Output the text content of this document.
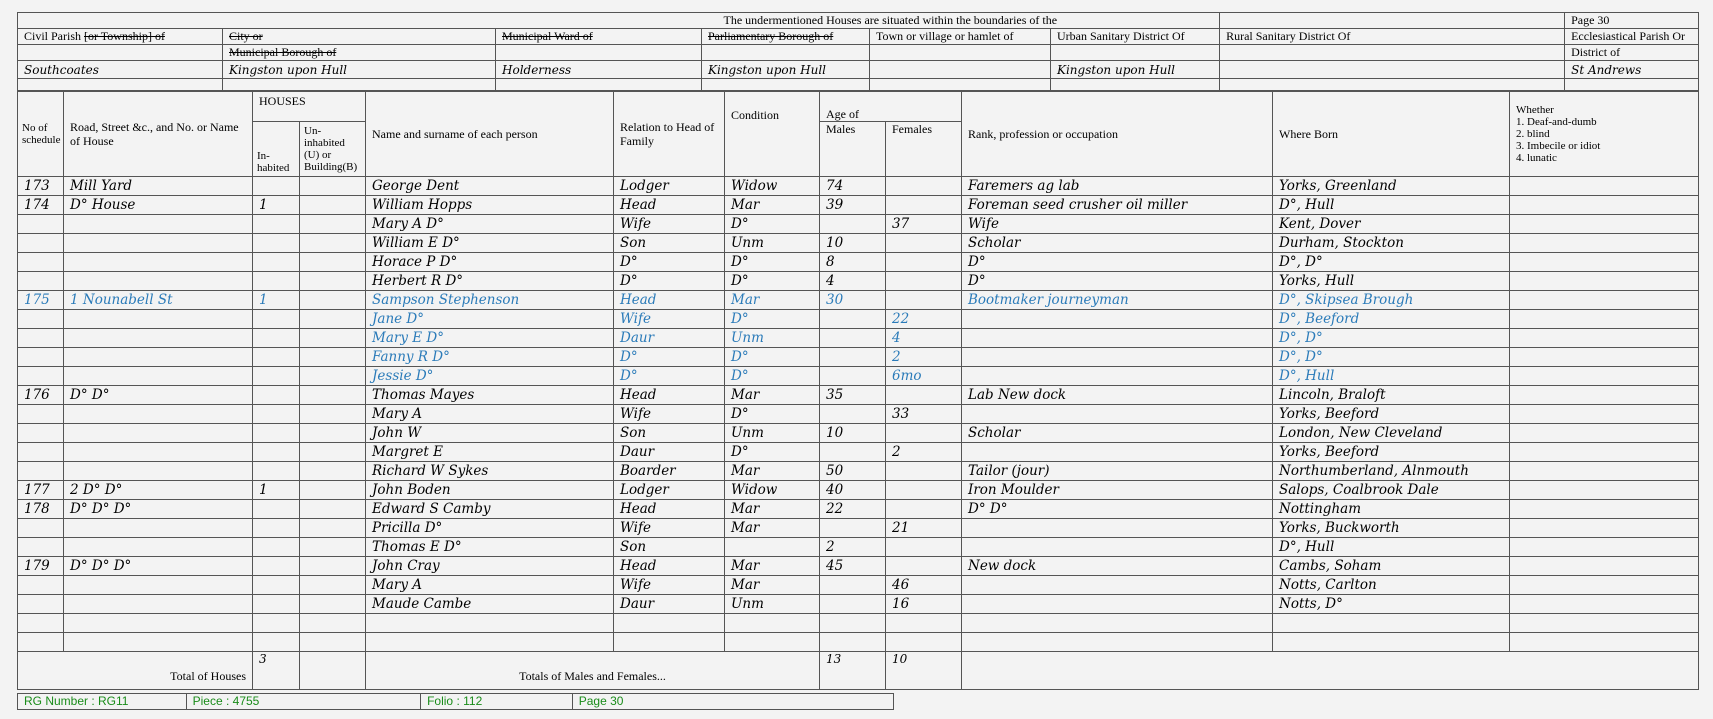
The undermentioned Houses are situated within the boundaries of the							Page 30
Civil Parish [or Township] of	City or	Municipal Ward of	Parliamentary Borough of	Town or village or hamlet of	Urban Sanitary District Of	Rural Sanitary District Of	Ecclesiastical Parish Or
	Municipal Borough of						District of
Southcoates	Kingston upon Hull	Holderness	Kingston upon Hull		Kingston upon Hull		St Andrews

No of schedule	Road, Street &c., and No. or Name of House	HOUSES		Name and surname of each person	Relation to Head of Family	Condition	Age of		Rank, profession or occupation	Where Born	Whether
1. Deaf-and-dumb
2. blind
3. Imbecile or idiot
4. lunatic

		In- habited	Un- inhabited (U) or Building(B)				Males	Females			
173	Mill Yard			George Dent	Lodger	Widow	74		Faremers ag lab	Yorks, Greenland	
174	D° House	1		William Hopps	Head	Mar	39		Foreman seed crusher oil miller	D°, Hull	
				Mary A D°	Wife	D°		37	Wife	Kent, Dover	
				William E D°	Son	Unm	10		Scholar	Durham, Stockton	
				Horace P D°	D°	D°	8		D°	D°, D°	
				Herbert R D°	D°	D°	4		D°	Yorks, Hull	
175	1 Nounabell St	1		Sampson Stephenson	Head	Mar	30		Bootmaker journeyman	D°, Skipsea Brough	
				Jane D°	Wife	D°		22		D°, Beeford	
				Mary E D°	Daur	Unm		4		D°, D°	
				Fanny R D°	D°	D°		2		D°, D°	
				Jessie D°	D°	D°		6mo		D°, Hull	
176	D° D°			Thomas Mayes	Head	Mar	35		Lab New dock	Lincoln, Braloft	
				Mary A	Wife	D°		33		Yorks, Beeford	
				John W	Son	Unm	10		Scholar	London, New Cleveland	
				Margret E	Daur	D°		2		Yorks, Beeford	
				Richard W Sykes	Boarder	Mar	50		Tailor (jour)	Northumberland, Alnmouth	
177	2 D° D°	1		John Boden	Lodger	Widow	40		Iron Moulder	Salops, Coalbrook Dale	
178	D° D° D°			Edward S Camby	Head	Mar	22		D° D°	Nottingham	
				Pricilla D°	Wife	Mar		21		Yorks, Buckworth	
				Thomas E D°	Son		2			D°, Hull	
179	D° D° D°			John Cray	Head	Mar	45		New dock	Cambs, Soham	
				Mary A	Wife	Mar		46		Notts, Carlton	
				Maude Cambe	Daur	Unm		16		Notts, D°	

Total of Houses		3		Totals of Males and Females...			13	10			
RG Number : RG11	Piece : 4755	Folio : 112	Page 30
